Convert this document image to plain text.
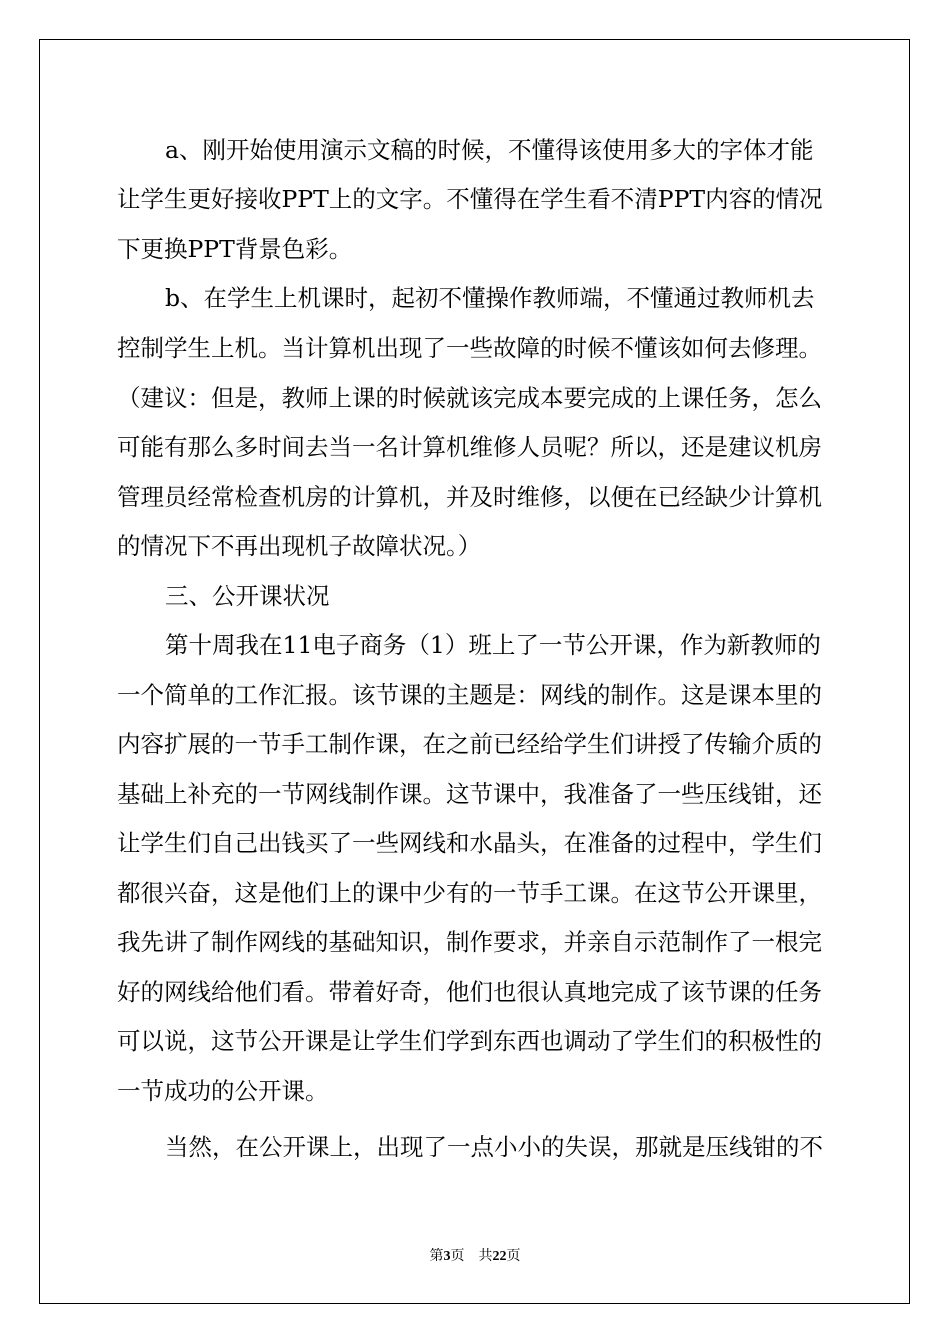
a、刚开始使用演示文稿的时候，不懂得该使用多大的字体才能
让学生更好接收PPT上的文字。不懂得在学生看不清PPT内容的情况
下更换PPT背景色彩。
b、在学生上机课时，起初不懂操作教师端，不懂通过教师机去
控制学生上机。当计算机出现了一些故障的时候不懂该如何去修理。
（建议：但是，教师上课的时候就该完成本要完成的上课任务，怎么
可能有那么多时间去当一名计算机维修人员呢？所以，还是建议机房
管理员经常检查机房的计算机，并及时维修，以便在已经缺少计算机
的情况下不再出现机子故障状况。）
三、公开课状况
第十周我在11电子商务（1）班上了一节公开课，作为新教师的
一个简单的工作汇报。该节课的主题是：网线的制作。这是课本里的
内容扩展的一节手工制作课，在之前已经给学生们讲授了传输介质的
基础上补充的一节网线制作课。这节课中，我准备了一些压线钳，还
让学生们自己出钱买了一些网线和水晶头，在准备的过程中，学生们
都很兴奋，这是他们上的课中少有的一节手工课。在这节公开课里，
我先讲了制作网线的基础知识，制作要求，并亲自示范制作了一根完
好的网线给他们看。带着好奇，他们也很认真地完成了该节课的任务
可以说，这节公开课是让学生们学到东西也调动了学生们的积极性的
一节成功的公开课。
当然，在公开课上，出现了一点小小的失误，那就是压线钳的不
第3页　共22页
